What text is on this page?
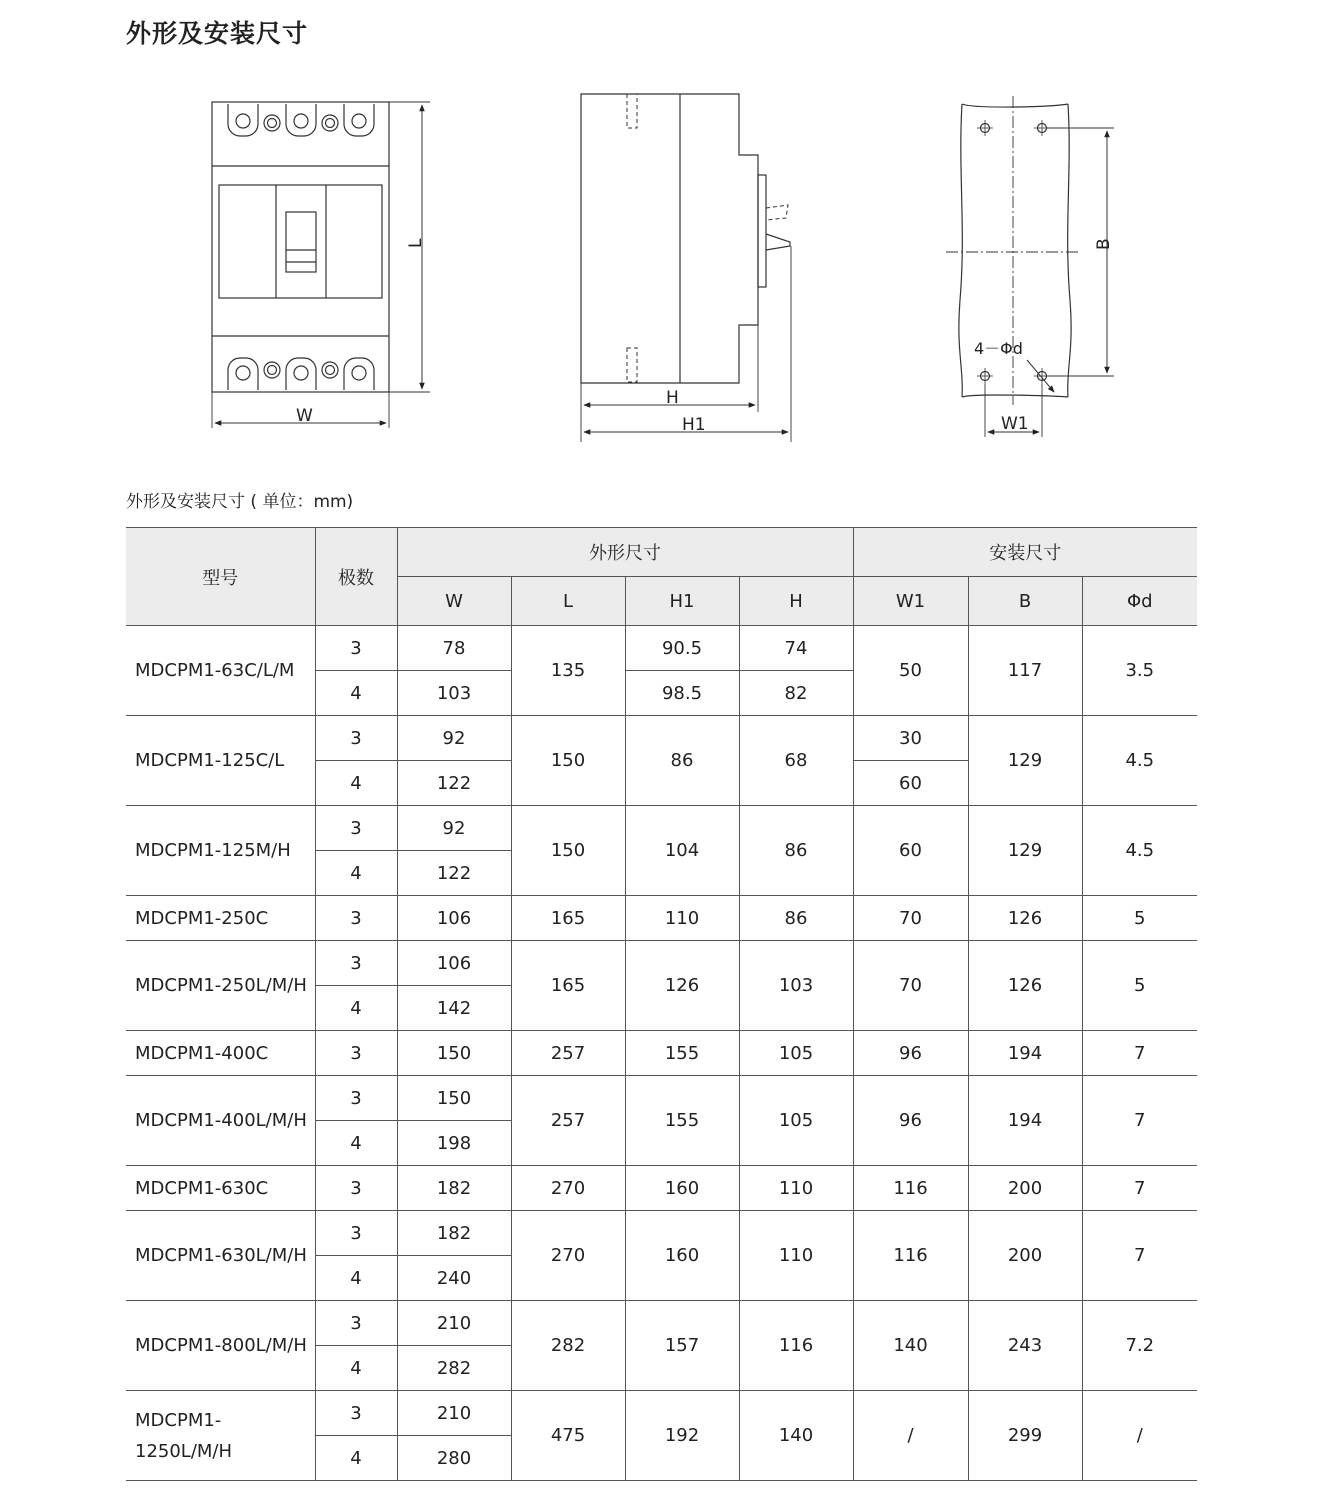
外形及安装尺寸
W
L
H
H1
B
W1
4－Φd
外形及安装尺寸 ( 单位：mm)
型号	极数	外形尺寸				安装尺寸		
		W	L	H1	H	W1	B	Φd
MDCPM1-63C/L/M	3	78	135	90.5	74	50	117	3.5
	4	103		98.5	82			
MDCPM1-125C/L	3	92	150	86	68	30	129	4.5
	4	122				60		
MDCPM1-125M/H	3	92	150	104	86	60	129	4.5
	4	122						
MDCPM1-250C	3	106	165	110	86	70	126	5
MDCPM1-250L/M/H	3	106	165	126	103	70	126	5
	4	142						
MDCPM1-400C	3	150	257	155	105	96	194	7
MDCPM1-400L/M/H	3	150	257	155	105	96	194	7
	4	198						
MDCPM1-630C	3	182	270	160	110	116	200	7
MDCPM1-630L/M/H	3	182	270	160	110	116	200	7
	4	240						
MDCPM1-800L/M/H	3	210	282	157	116	140	243	7.2
	4	282						
MDCPM1-1250L/M/H	3	210	475	192	140	/	299	/
	4	280						
